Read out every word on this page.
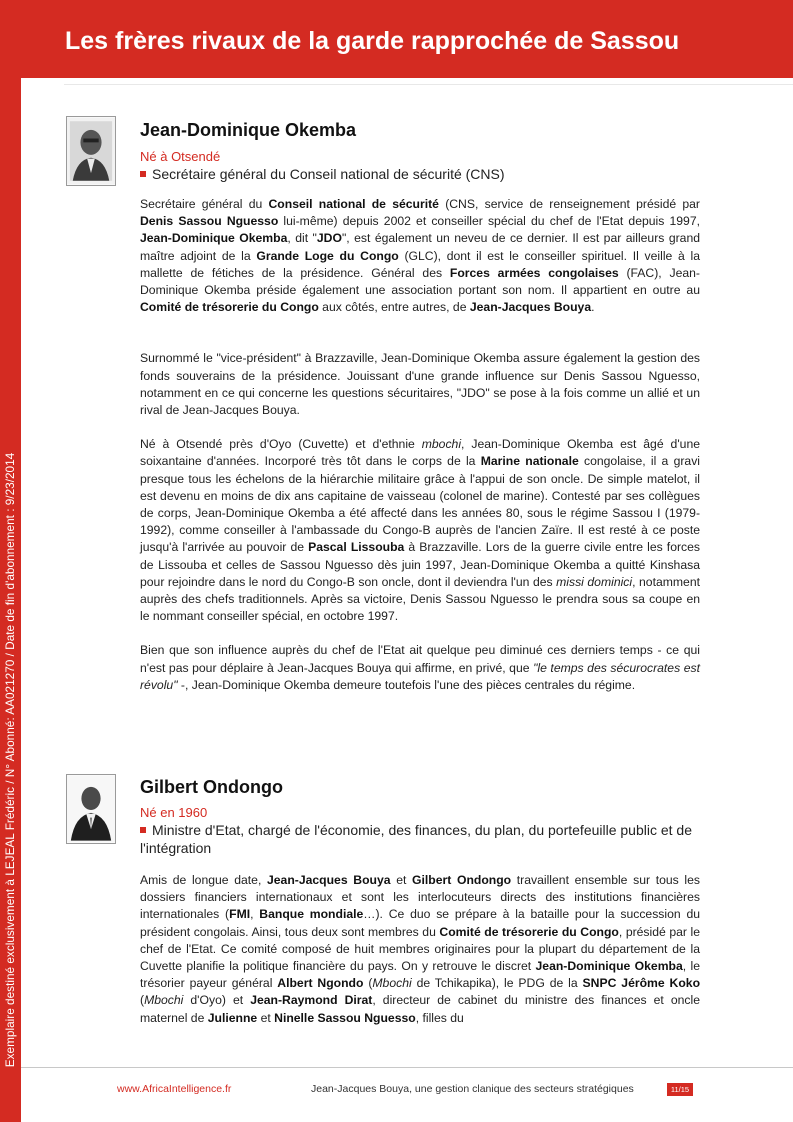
Exemplaire destiné exclusivement à LEJEAL Frédéric / N° Abonné: AA021270 / Date de fin d'abonnement : 9/23/2014
Les frères rivaux de la garde rapprochée de Sassou
Jean-Dominique Okemba

Né à Otsendé

Secrétaire général du Conseil national de sécurité (CNS)

Secrétaire général du Conseil national de sécurité (CNS, service de renseignement présidé par Denis Sassou Nguesso lui-même) depuis 2002 et conseiller spécial du chef de l'Etat depuis 1997, Jean-Dominique Okemba, dit "JDO", est également un neveu de ce dernier. Il est par ailleurs grand maître adjoint de la Grande Loge du Congo (GLC), dont il est le conseiller spirituel. Il veille à la mallette de fétiches de la présidence. Général des Forces armées congolaises (FAC), Jean-Dominique Okemba préside également une association portant son nom. Il appartient en outre au Comité de trésorerie du Congo aux côtés, entre autres, de Jean-Jacques Bouya.

Surnommé le "vice-président" à Brazzaville, Jean-Dominique Okemba assure également la gestion des fonds souverains de la présidence. Jouissant d'une grande influence sur Denis Sassou Nguesso, notamment en ce qui concerne les questions sécuritaires, "JDO" se pose à la fois comme un allié et un rival de Jean-Jacques Bouya.

Né à Otsendé près d'Oyo (Cuvette) et d'ethnie mbochi, Jean-Dominique Okemba est âgé d'une soixantaine d'années. Incorporé très tôt dans le corps de la Marine nationale congolaise, il a gravi presque tous les échelons de la hiérarchie militaire grâce à l'appui de son oncle. De simple matelot, il est devenu en moins de dix ans capitaine de vaisseau (colonel de marine). Contesté par ses collègues de corps, Jean-Dominique Okemba a été affecté dans les années 80, sous le régime Sassou I (1979-1992), comme conseiller à l'ambassade du Congo-B auprès de l'ancien Zaïre. Il est resté à ce poste jusqu'à l'arrivée au pouvoir de Pascal Lissouba à Brazzaville. Lors de la guerre civile entre les forces de Lissouba et celles de Sassou Nguesso dès juin 1997, Jean-Dominique Okemba a quitté Kinshasa pour rejoindre dans le nord du Congo-B son oncle, dont il deviendra l'un des missi dominici, notamment auprès des chefs traditionnels. Après sa victoire, Denis Sassou Nguesso le prendra sous sa coupe en le nommant conseiller spécial, en octobre 1997.

Bien que son influence auprès du chef de l'Etat ait quelque peu diminué ces derniers temps - ce qui n'est pas pour déplaire à Jean-Jacques Bouya qui affirme, en privé, que "le temps des sécurocrates est révolu" -, Jean-Dominique Okemba demeure toutefois l'une des pièces centrales du régime.

Gilbert Ondongo

Né en 1960

Ministre d'Etat, chargé de l'économie, des finances, du plan, du portefeuille public et de l'intégration

Amis de longue date, Jean-Jacques Bouya et Gilbert Ondongo travaillent ensemble sur tous les dossiers financiers internationaux et sont les interlocuteurs directs des institutions financières internationales (FMI, Banque mondiale…). Ce duo se prépare à la bataille pour la succession du président congolais. Ainsi, tous deux sont membres du Comité de trésorerie du Congo, présidé par le chef de l'Etat. Ce comité composé de huit membres originaires pour la plupart du département de la Cuvette planifie la politique financière du pays. On y retrouve le discret Jean-Dominique Okemba, le trésorier payeur général Albert Ngondo (Mbochi de Tchikapika), le PDG de la SNPC Jérôme Koko (Mbochi d'Oyo) et Jean-Raymond Dirat, directeur de cabinet du ministre des finances et oncle maternel de Julienne et Ninelle Sassou Nguesso, filles du

www.AfricaIntelligence.fr	Jean-Jacques Bouya, une gestion clanique des secteurs stratégiques	11/15
